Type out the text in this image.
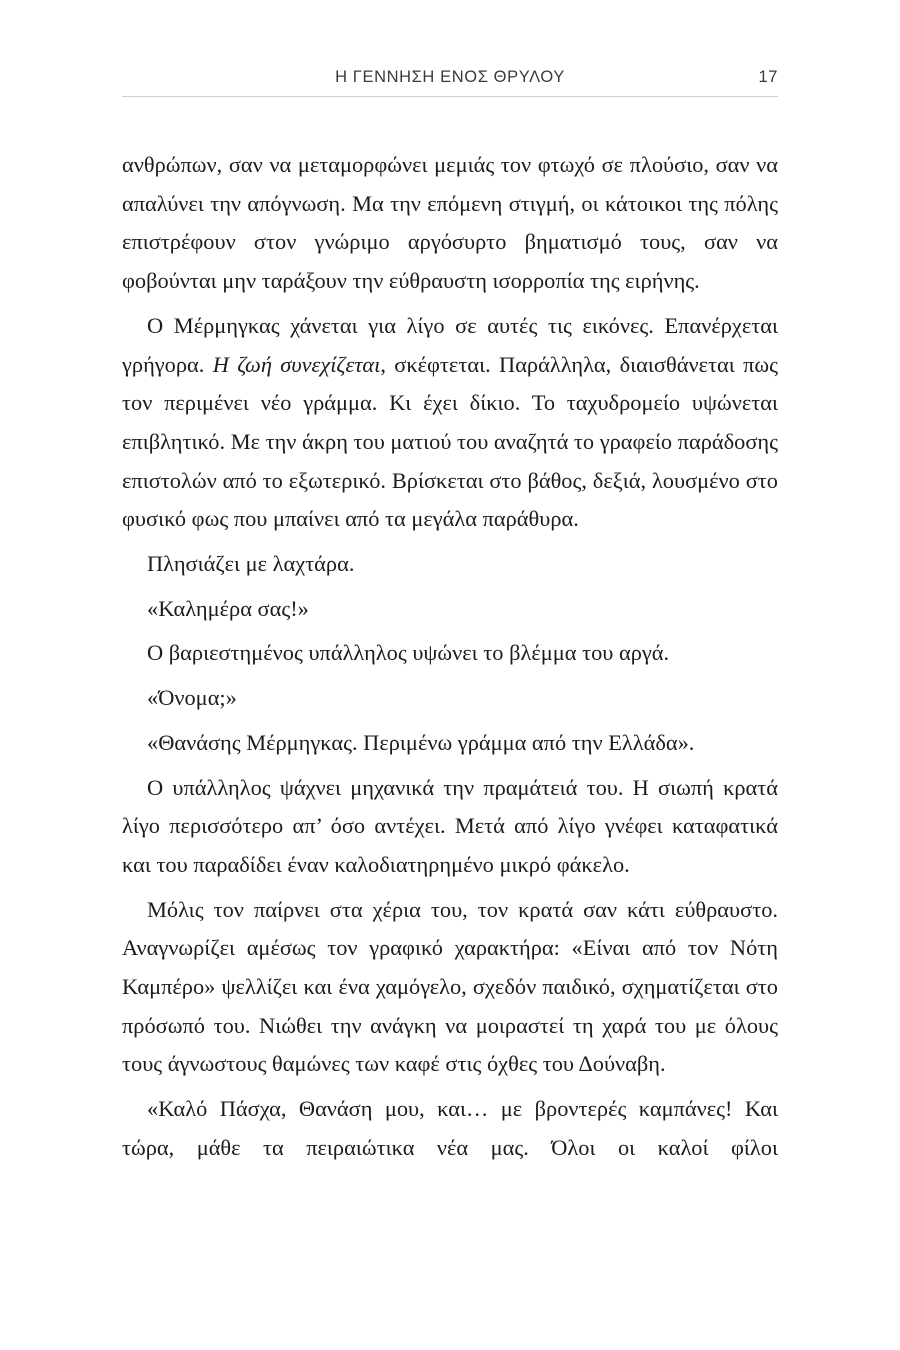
Η ΓΕΝΝΗΣΗ ΕΝΟΣ ΘΡΥΛΟΥ	17

ανθρώπων, σαν να μεταμορφώνει μεμιάς τον φτωχό σε πλούσιο, σαν να απαλύνει την απόγνωση. Μα την επόμενη στιγμή, οι κάτοικοι της πόλης επιστρέφουν στον γνώριμο αργόσυρτο βηματισμό τους, σαν να φοβούνται μην ταράξουν την εύθραυστη ισορροπία της ειρήνης.

Ο Μέρμηγκας χάνεται για λίγο σε αυτές τις εικόνες. Επανέρχεται γρήγορα. Η ζωή συνεχίζεται, σκέφτεται. Παράλληλα, διαισθάνεται πως τον περιμένει νέο γράμμα. Κι έχει δίκιο. Το ταχυδρομείο υψώνεται επιβλητικό. Με την άκρη του ματιού του αναζητά το γραφείο παράδοσης επιστολών από το εξωτερικό. Βρίσκεται στο βάθος, δεξιά, λουσμένο στο φυσικό φως που μπαίνει από τα μεγάλα παράθυρα.

Πλησιάζει με λαχτάρα.

«Καλημέρα σας!»

Ο βαριεστημένος υπάλληλος υψώνει το βλέμμα του αργά.

«Όνομα;»

«Θανάσης Μέρμηγκας. Περιμένω γράμμα από την Ελλάδα».

Ο υπάλληλος ψάχνει μηχανικά την πραμάτειά του. Η σιωπή κρατά λίγο περισσότερο απ’ όσο αντέχει. Μετά από λίγο γνέφει καταφατικά και του παραδίδει έναν καλοδιατηρημένο μικρό φάκελο.

Μόλις τον παίρνει στα χέρια του, τον κρατά σαν κάτι εύθραυστο. Αναγνωρίζει αμέσως τον γραφικό χαρακτήρα: «Είναι από τον Νότη Καμπέρο» ψελλίζει και ένα χαμόγελο, σχεδόν παιδικό, σχηματίζεται στο πρόσωπό του. Νιώθει την ανάγκη να μοιραστεί τη χαρά του με όλους τους άγνωστους θαμώνες των καφέ στις όχθες του Δούναβη.

«Καλό Πάσχα, Θανάση μου, και… με βροντερές καμπάνες! Και τώρα, μάθε τα πειραιώτικα νέα μας. Όλοι οι καλοί φίλοι
